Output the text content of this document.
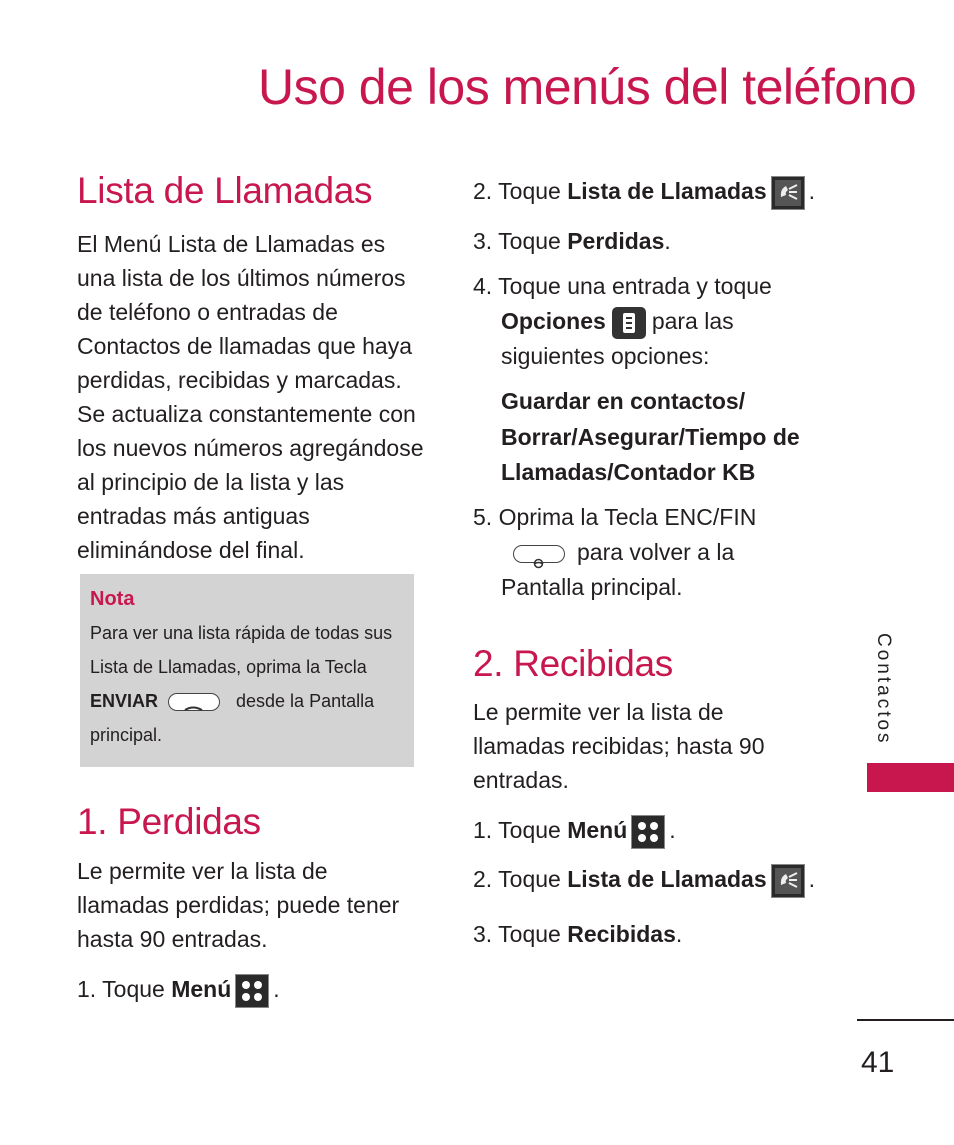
Uso de los menús del teléfono
Lista de Llamadas

El Menú Lista de Llamadas es una lista de los últimos números de teléfono o entradas de Contactos de llamadas que haya perdidas, recibidas y marcadas. Se actualiza constantemente con los nuevos números agregándose al principio de la lista y las entradas más antiguas eliminándose del final.

Nota
Para ver una lista rápida de todas sus Lista de Llamadas, oprima la Tecla ENVIAR	desde la Pantalla principal.
1. Perdidas

Le permite ver la lista de llamadas perdidas; puede tener hasta 90 entradas.

1. Toque Menú .
2. Toque Lista de Llamadas .
3. Toque Perdidas.
4. Toque una entrada y toque
Opciones para las
siguientes opciones:
Guardar en contactos/
Borrar/Asegurar/Tiempo de
Llamadas/Contador KB
5. Oprima la Tecla ENC/FIN
para volver a la
Pantalla principal.
2. Recibidas

Le permite ver la lista de llamadas recibidas; hasta 90 entradas.

1. Toque Menú .
2. Toque Lista de Llamadas .
3. Toque Recibidas.
Contactos
41
